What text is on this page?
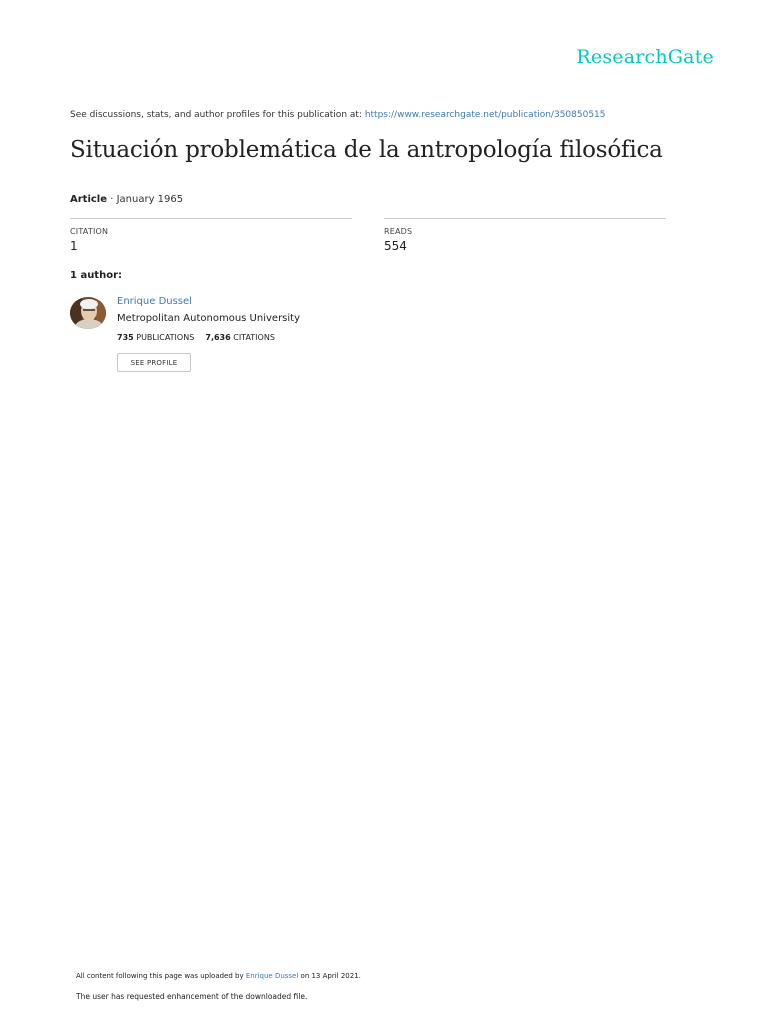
ResearchGate
See discussions, stats, and author profiles for this publication at: https://www.researchgate.net/publication/350850515
Situación problemática de la antropología filosófica
Article · January 1965
CITATION
1
READS
554
1 author:
Enrique Dussel
Metropolitan Autonomous University
735 PUBLICATIONS 7,636 CITATIONS
SEE PROFILE
All content following this page was uploaded by Enrique Dussel on 13 April 2021.
The user has requested enhancement of the downloaded file.
